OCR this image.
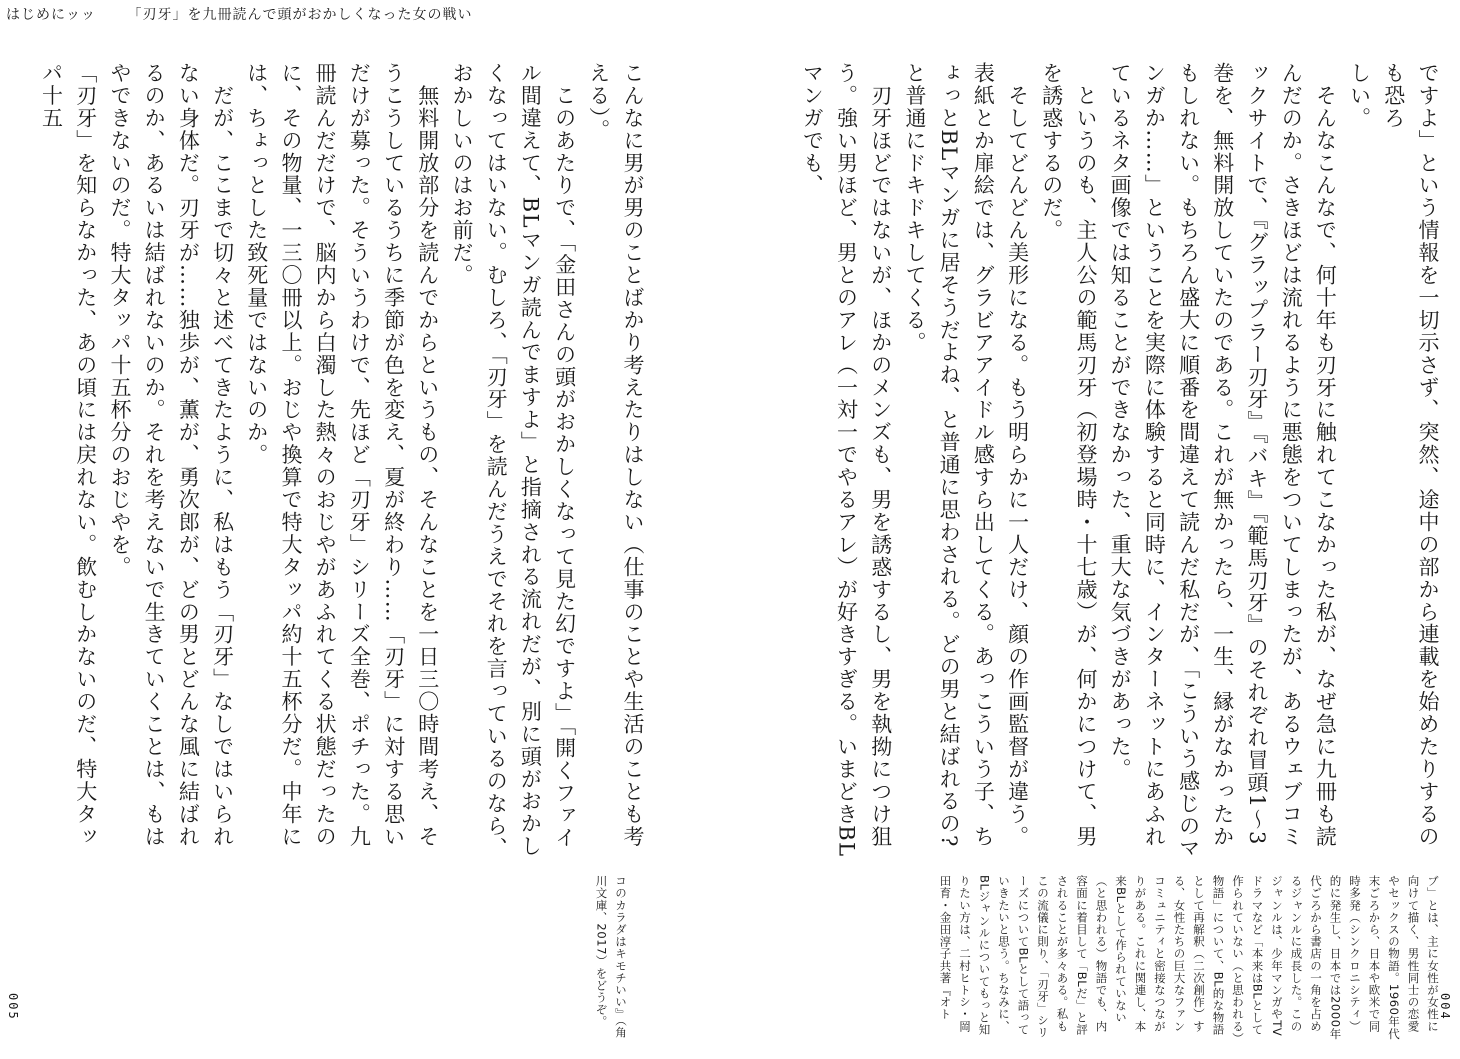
はじめにッッ 「刃牙」を九冊読んで頭がおかしくなった女の戦い

ですよ」という情報を一切示さず、突然、途中の部から連載を始めたりするのも恐ろ

しい。

　そんなこんなで、何十年も刃牙に触れてこなかった私が、なぜ急に九冊も読んだのか。さきほどは流れるように悪態をついてしまったが、あるウェブコミックサイトで、『グラップラー刃牙』『バキ』『範馬刃牙』のそれぞれ冒頭1〜3巻を、無料開放していたのである。これが無かったら、一生、縁がなかったかもしれない。もちろん盛大に順番を間違えて読んだ私だが、「こういう感じのマンガか……」ということを実際に体験すると同時に、インターネットにあふれているネタ画像では知ることができなかった、重大な気づきがあった。

　というのも、主人公の範馬刃牙（初登場時・十七歳）が、何かにつけて、男を誘惑するのだ。

　そしてどんどん美形になる。もう明らかに一人だけ、顔の作画監督が違う。表紙とか扉絵では、グラビアアイドル感すら出してくる。あっこういう子、ちょっとBLマンガに居そうだよね、と普通に思わされる。どの男と結ばれるの?と普通にドキドキしてくる。

　刃牙ほどではないが、ほかのメンズも、男を誘惑するし、男を執拗につけ狙う。強い男ほど、男とのアレ（一対一でやるアレ）が好きすぎる。いまどきBLマンガでも、

ブ」とは、主に女性が女性に向けて描く、男性同士の恋愛やセックスの物語。1960年代末ごろから、日本や欧米で同時多発（シンクロニシティ）的に発生し、日本では2000年代ごろから書店の一角を占めるジャンルに成長した。このジャンルは、少年マンガやTVドラマなど「本来はBLとして作られていない（と思われる）物語」について、BL的な物語として再解釈（二次創作）する、女性たちの巨大なファンコミュニティと密接なつながりがある。これに関連し、本来BLとして作られていない（と思われる）物語でも、内容面に着目して「BLだ」と評されることが多々ある。私もこの流儀に則り、「刃牙」シリーズについてBLとして語っていきたいと思う。ちなみに、BLジャンルについてもっと知りたい方は、二村ヒトシ・岡田育・金田淳子共著『オト	004

こんなに男が男のことばかり考えたりはしない（仕事のことや生活のことも考える）。

　このあたりで、「金田さんの頭がおかしくなって見た幻ですよ」「開くファイル間違えて、BLマンガ読んでますよ」と指摘される流れだが、別に頭がおかしくなってはいない。むしろ、「刃牙」を読んだうえでそれを言っているのなら、おかしいのはお前だ。

　無料開放部分を読んでからというもの、そんなことを一日三〇時間考え、そうこうしているうちに季節が色を変え、夏が終わり……「刃牙」に対する思いだけが募った。そういうわけで、先ほど「刃牙」シリーズ全巻、ポチった。九冊読んだだけで、脳内から白濁した熱々のおじやがあふれてくる状態だったのに、その物量、一三〇冊以上。おじや換算で特大タッパ約十五杯分だ。中年には、ちょっとした致死量ではないのか。

　だが、ここまで切々と述べてきたように、私はもう「刃牙」なしではいられない身体だ。刃牙が……独歩が、薫が、勇次郎が、どの男とどんな風に結ばれるのか、あるいは結ばれないのか。それを考えないで生きていくことは、もはやできないのだ。特大タッパ十五杯分のおじやを。

「刃牙」を知らなかった、あの頃には戻れない。飲むしかないのだ、特大タッパ十五

コのカラダはキモチいい』（角川文庫、2017）をどうぞ。
005
